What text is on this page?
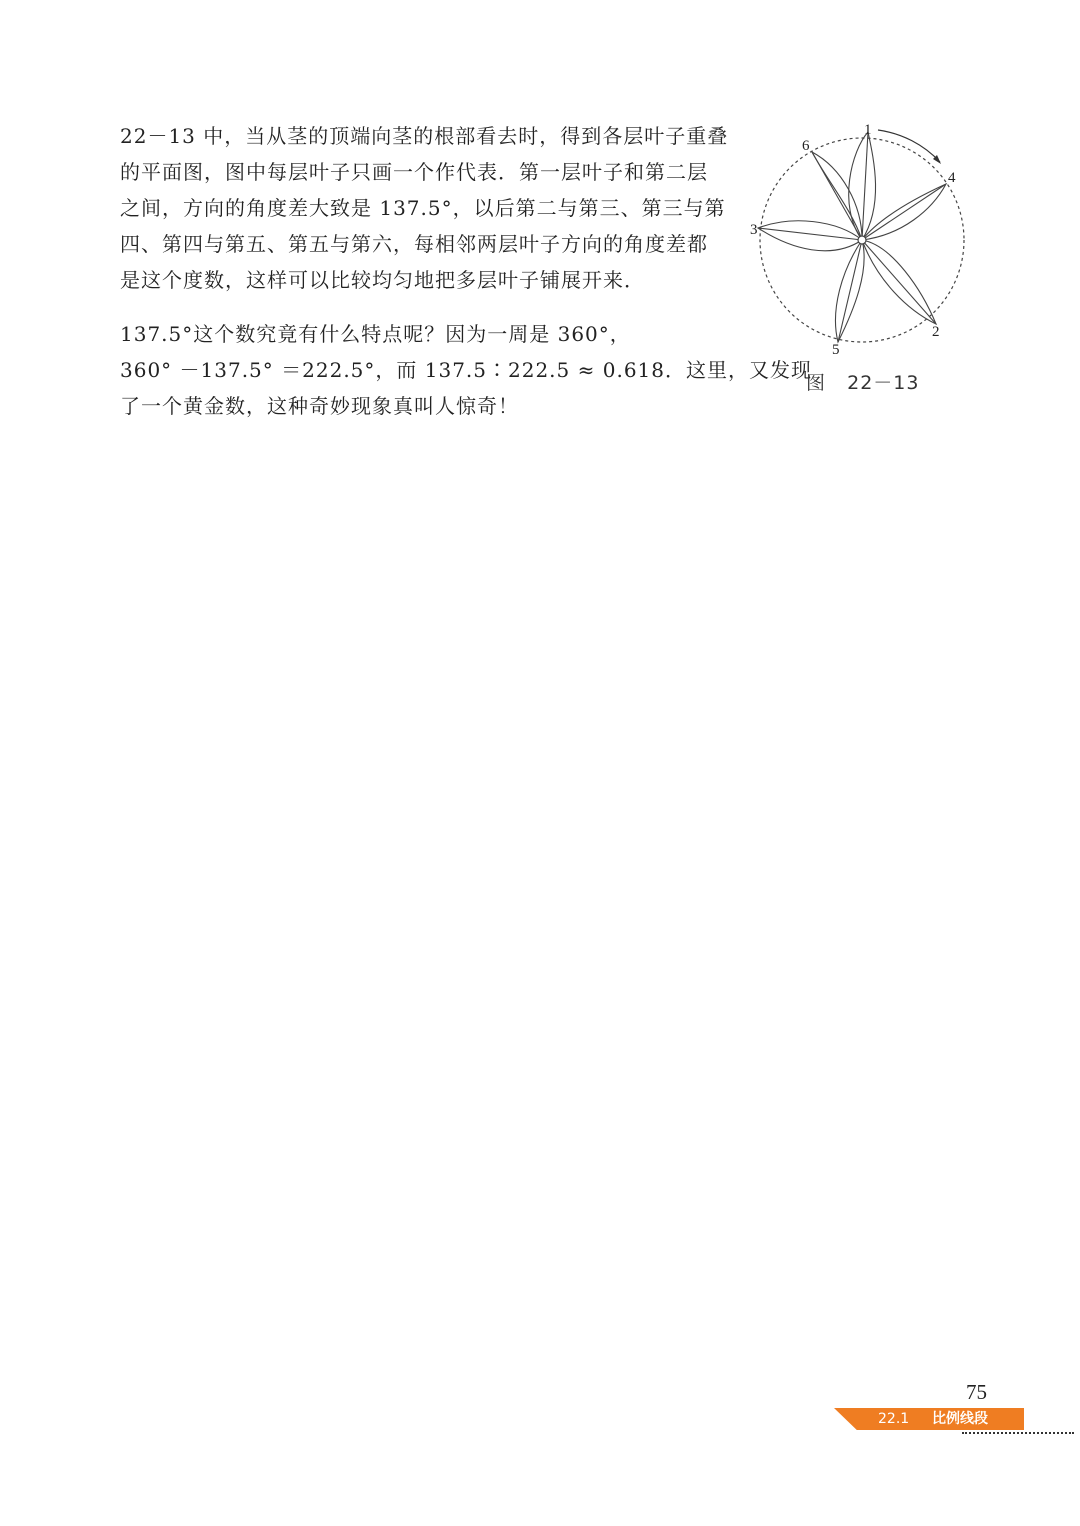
22－13 中，当从茎的顶端向茎的根部看去时，得到各层叶子重叠
的平面图，图中每层叶子只画一个作代表．第一层叶子和第二层
之间，方向的角度差大致是 137.5°，以后第二与第三、第三与第
四、第四与第五、第五与第六，每相邻两层叶子方向的角度差都
是这个度数，这样可以比较均匀地把多层叶子铺展开来．
137.5°这个数究竟有什么特点呢？因为一周是 360°，
360° －137.5° ＝222.5°，而 137.5∶222.5 ≈ 0.618．这里，又发现
了一个黄金数，这种奇妙现象真叫人惊奇！
1
2
3
4
5
6
图   22－13
75
22.1 比例线段
